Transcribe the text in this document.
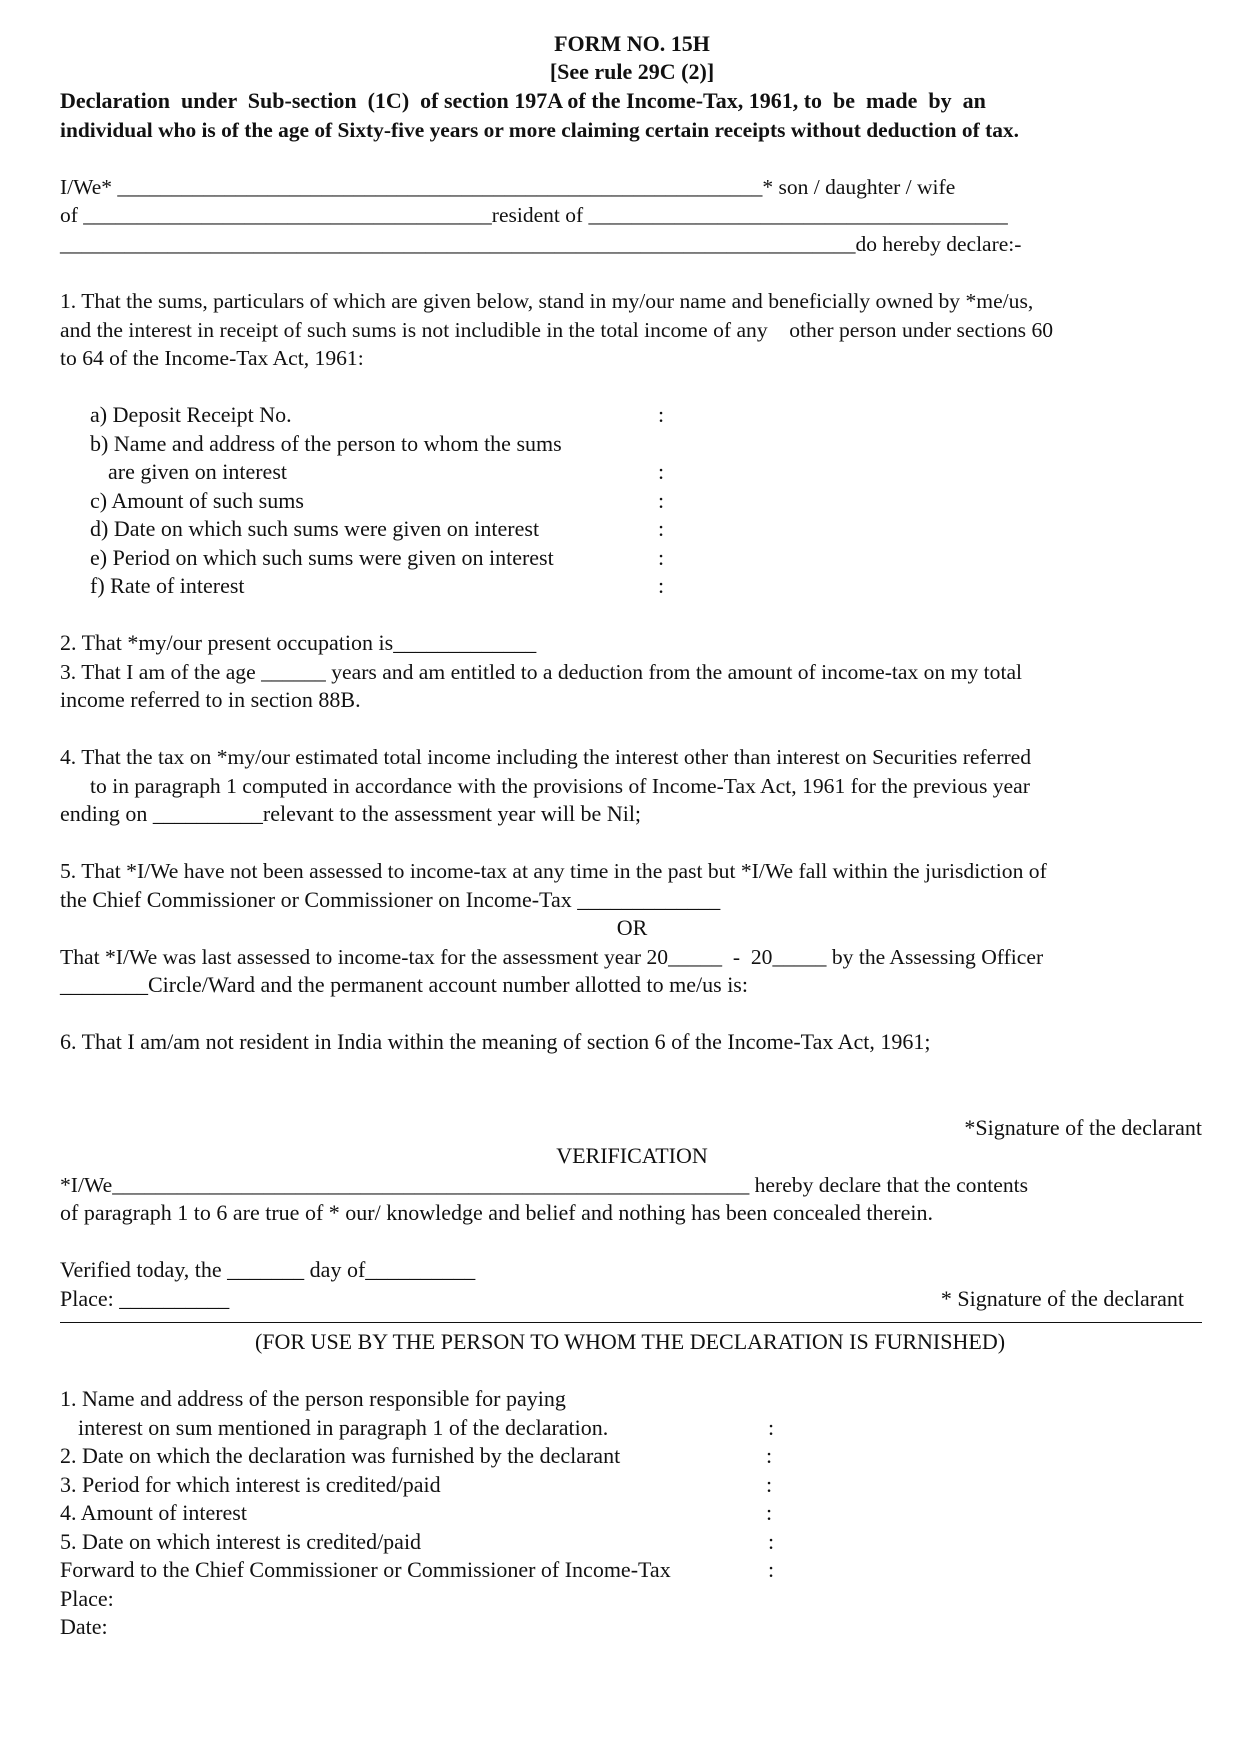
FORM NO. 15H
[See rule 29C (2)]
Declaration  under  Sub-section  (1C)  of section 197A of the Income-Tax, 1961, to  be  made  by  an
individual who is of the age of Sixty-five years or more claiming certain receipts without deduction of tax.
I/We* ____________________________________________________________* son / daughter / wife
of ______________________________________resident of _______________________________________
__________________________________________________________________________do hereby declare:-
1. That the sums, particulars of which are given below, stand in my/our name and beneficially owned by *me/us,
and the interest in receipt of such sums is not includible in the total income of any    other person under sections 60
to 64 of the Income-Tax Act, 1961:
a) Deposit Receipt No.	:
b) Name and address of the person to whom the sums
are given on interest	:
c) Amount of such sums	:
d) Date on which such sums were given on interest	:
e) Period on which such sums were given on interest	:
f) Rate of interest	:
2. That *my/our present occupation is_____________
3. That I am of the age ______ years and am entitled to a deduction from the amount of income-tax on my total
income referred to in section 88B.
4. That the tax on *my/our estimated total income including the interest other than interest on Securities referred
to in paragraph 1 computed in accordance with the provisions of Income-Tax Act, 1961 for the previous year
ending on __________relevant to the assessment year will be Nil;
5. That *I/We have not been assessed to income-tax at any time in the past but *I/We fall within the jurisdiction of
the Chief Commissioner or Commissioner on Income-Tax _____________
OR
That *I/We was last assessed to income-tax for the assessment year 20_____  -  20_____ by the Assessing Officer
________Circle/Ward and the permanent account number allotted to me/us is:
6. That I am/am not resident in India within the meaning of section 6 of the Income-Tax Act, 1961;
*Signature of the declarant
VERIFICATION
*I/We___________________________________________________________ hereby declare that the contents
of paragraph 1 to 6 are true of * our/ knowledge and belief and nothing has been concealed therein.
Verified today, the _______ day of__________
Place: __________	* Signature of the declarant
(FOR USE BY THE PERSON TO WHOM THE DECLARATION IS FURNISHED)
1. Name and address of the person responsible for paying
interest on sum mentioned in paragraph 1 of the declaration.	:
2. Date on which the declaration was furnished by the declarant	:
3. Period for which interest is credited/paid	:
4. Amount of interest	:
5. Date on which interest is credited/paid	:
Forward to the Chief Commissioner or Commissioner of Income-Tax	:
Place:
Date:
